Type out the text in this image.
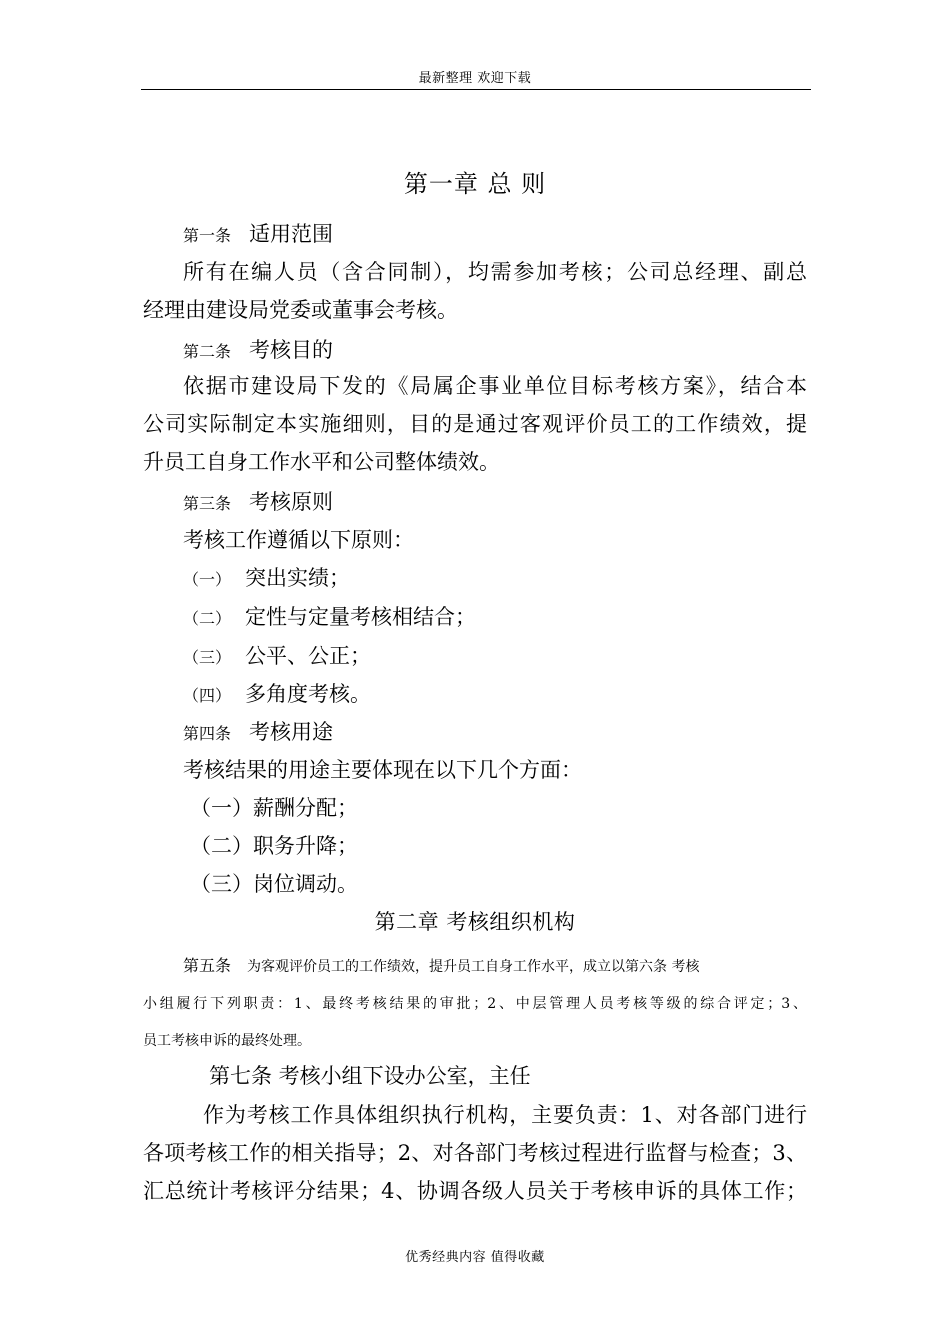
最新整理 欢迎下载
第一章 总 则
第一条 适用范围
所有在编人员（含合同制），均需参加考核；公司总经理、副总
经理由建设局党委或董事会考核。
第二条 考核目的
依据市建设局下发的《局属企事业单位目标考核方案》，结合本
公司实际制定本实施细则，目的是通过客观评价员工的工作绩效，提
升员工自身工作水平和公司整体绩效。
第三条 考核原则
考核工作遵循以下原则：
（一） 突出实绩；
（二） 定性与定量考核相结合；
（三） 公平、公正；
（四） 多角度考核。
第四条 考核用途
考核结果的用途主要体现在以下几个方面：
（一）薪酬分配；
（二）职务升降；
（三）岗位调动。
第二章 考核组织机构
第五条 为客观评价员工的工作绩效，提升员工自身工作水平，成立以第六条 考核
小组履行下列职责：1、最终考核结果的审批；2、中层管理人员考核等级的综合评定；3、
员工考核申诉的最终处理。
第七条 考核小组下设办公室，主任
作为考核工作具体组织执行机构，主要负责：1、对各部门进行
各项考核工作的相关指导；2、对各部门考核过程进行监督与检查；3、
汇总统计考核评分结果；4、协调各级人员关于考核申诉的具体工作；
优秀经典内容 值得收藏
